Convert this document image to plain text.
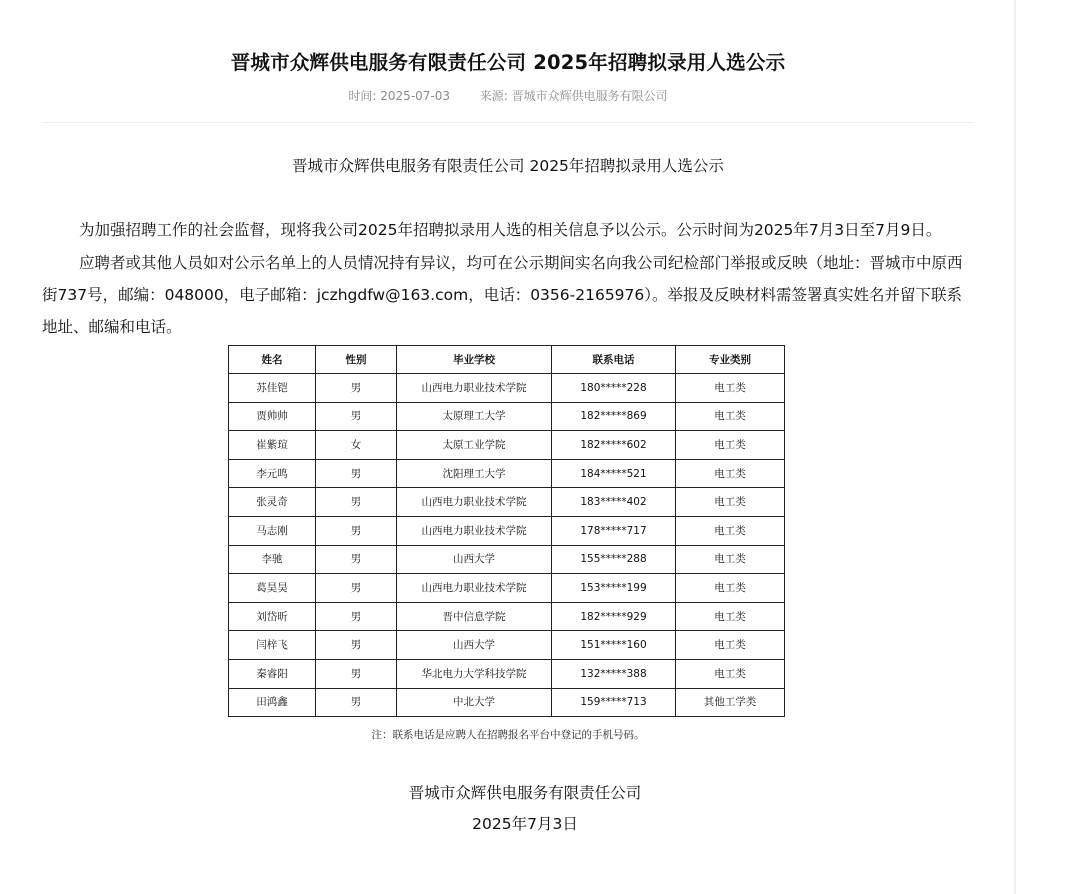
晋城市众辉供电服务有限责任公司 2025年招聘拟录用人选公示
时间: 2025-07-03 来源: 晋城市众辉供电服务有限公司
晋城市众辉供电服务有限责任公司 2025年招聘拟录用人选公示

为加强招聘工作的社会监督，现将我公司2025年招聘拟录用人选的相关信息予以公示。公示时间为2025年7月3日至7月9日。

应聘者或其他人员如对公示名单上的人员情况持有异议，均可在公示期间实名向我公司纪检部门举报或反映（地址：晋城市中原西街737号，邮编：048000，电子邮箱：jczhgdfw@163.com，电话：0356-2165976）。举报及反映材料需签署真实姓名并留下联系地址、邮编和电话。

姓名	性别	毕业学校	联系电话	专业类别
苏佳铠	男	山西电力职业技术学院	180*****228	电工类
贾帅帅	男	太原理工大学	182*****869	电工类
崔紫瑄	女	太原工业学院	182*****602	电工类
李元鸣	男	沈阳理工大学	184*****521	电工类
张灵奇	男	山西电力职业技术学院	183*****402	电工类
马志刚	男	山西电力职业技术学院	178*****717	电工类
李驰	男	山西大学	155*****288	电工类
葛昊昊	男	山西电力职业技术学院	153*****199	电工类
刘岱昕	男	晋中信息学院	182*****929	电工类
闫梓飞	男	山西大学	151*****160	电工类
秦睿阳	男	华北电力大学科技学院	132*****388	电工类
田鸿鑫	男	中北大学	159*****713	其他工学类
注：联系电话是应聘人在招聘报名平台中登记的手机号码。
晋城市众辉供电服务有限责任公司
2025年7月3日
